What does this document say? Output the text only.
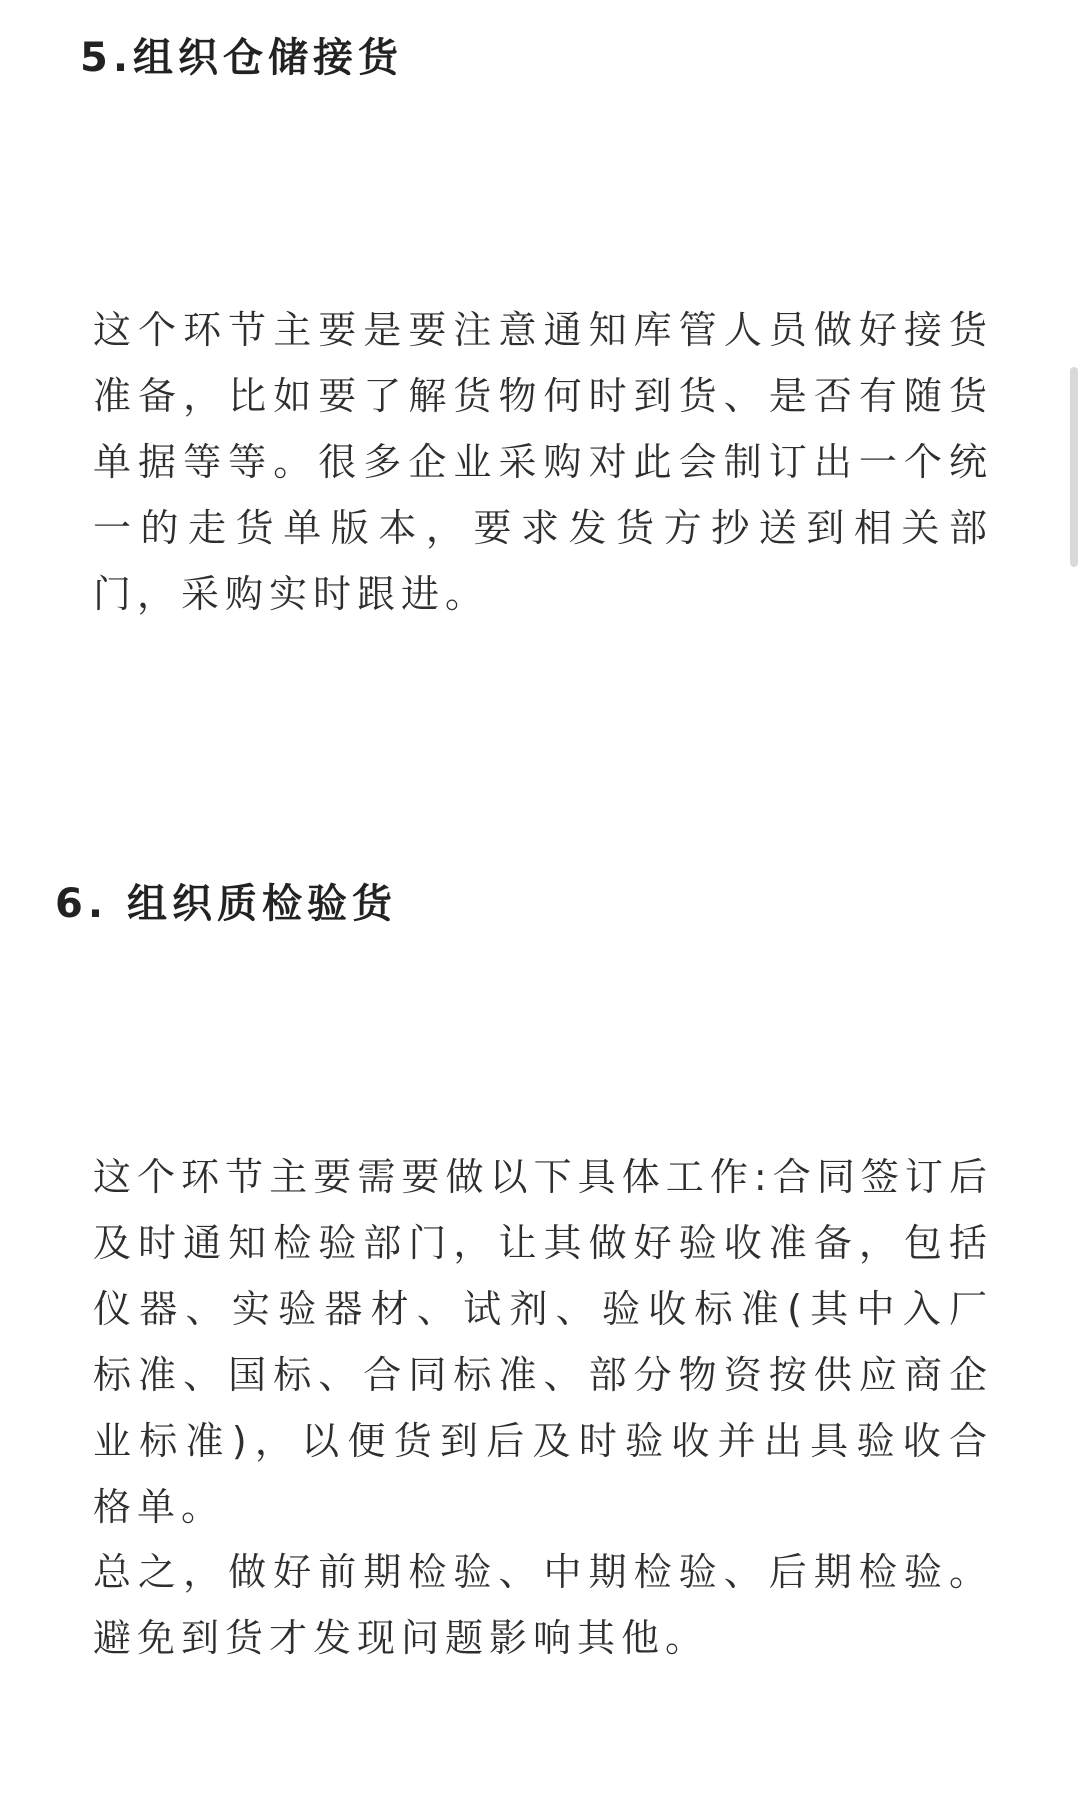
5.组织仓储接货

这个环节主要是要注意通知库管人员做好接货准备，比如要了解货物何时到货、是否有随货单据等等。很多企业采购对此会制订出一个统一的走货单版本，要求发货方抄送到相关部门，采购实时跟进。

6. 组织质检验货

这个环节主要需要做以下具体工作:合同签订后及时通知检验部门，让其做好验收准备，包括仪器、实验器材、试剂、验收标准(其中入厂标准、国标、合同标准、部分物资按供应商企业标准)，以便货到后及时验收并出具验收合格单。

总之，做好前期检验、中期检验、后期检验。避免到货才发现问题影响其他。
